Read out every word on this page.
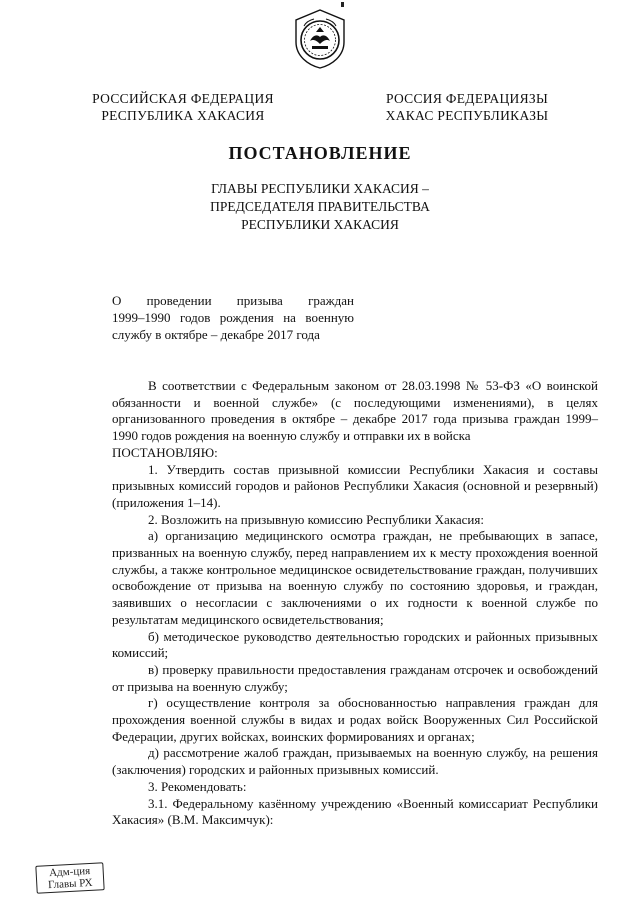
РОССИЙСКАЯ ФЕДЕРАЦИЯ
РЕСПУБЛИКА ХАКАСИЯ
РОССИЯ ФЕДЕРАЦИЯЗЫ
ХАКАС РЕСПУБЛИКАЗЫ
ПОСТАНОВЛЕНИЕ
ГЛАВЫ РЕСПУБЛИКИ ХАКАСИЯ –
ПРЕДСЕДАТЕЛЯ ПРАВИТЕЛЬСТВА
РЕСПУБЛИКИ ХАКАСИЯ
О проведении призыва граждан
1999–1990 годов рождения на военную
службу в октябре – декабре 2017 года

В соответствии с Федеральным законом от 28.03.1998 № 53-ФЗ «О воинской обязанности и военной службе» (с последующими изменениями), в целях организованного проведения в октябре – декабре 2017 года призыва граждан 1999–1990 годов рождения на военную службу и отправки их в войска

ПОСТАНОВЛЯЮ:

1. Утвердить состав призывной комиссии Республики Хакасия и составы призывных комиссий городов и районов Республики Хакасия (основной и резервный) (приложения 1–14).

2. Возложить на призывную комиссию Республики Хакасия:

а) организацию медицинского осмотра граждан, не пребывающих в запасе, призванных на военную службу, перед направлением их к месту прохождения военной службы, а также контрольное медицинское освидетельствование граждан, получивших освобождение от призыва на военную службу по состоянию здоровья, и граждан, заявивших о несогласии с заключениями о их годности к военной службе по результатам медицинского освидетельствования;

б) методическое руководство деятельностью городских и районных призывных комиссий;

в) проверку правильности предоставления гражданам отсрочек и освобождений от призыва на военную службу;

г) осуществление контроля за обоснованностью направления граждан для прохождения военной службы в видах и родах войск Вооруженных Сил Российской Федерации, других войсках, воинских формированиях и органах;

д) рассмотрение жалоб граждан, призываемых на военную службу, на решения (заключения) городских и районных призывных комиссий.

3. Рекомендовать:

3.1. Федеральному казённому учреждению «Военный комиссариат Республики Хакасия» (В.М. Максимчук):

Адм-ция
Главы РХ
